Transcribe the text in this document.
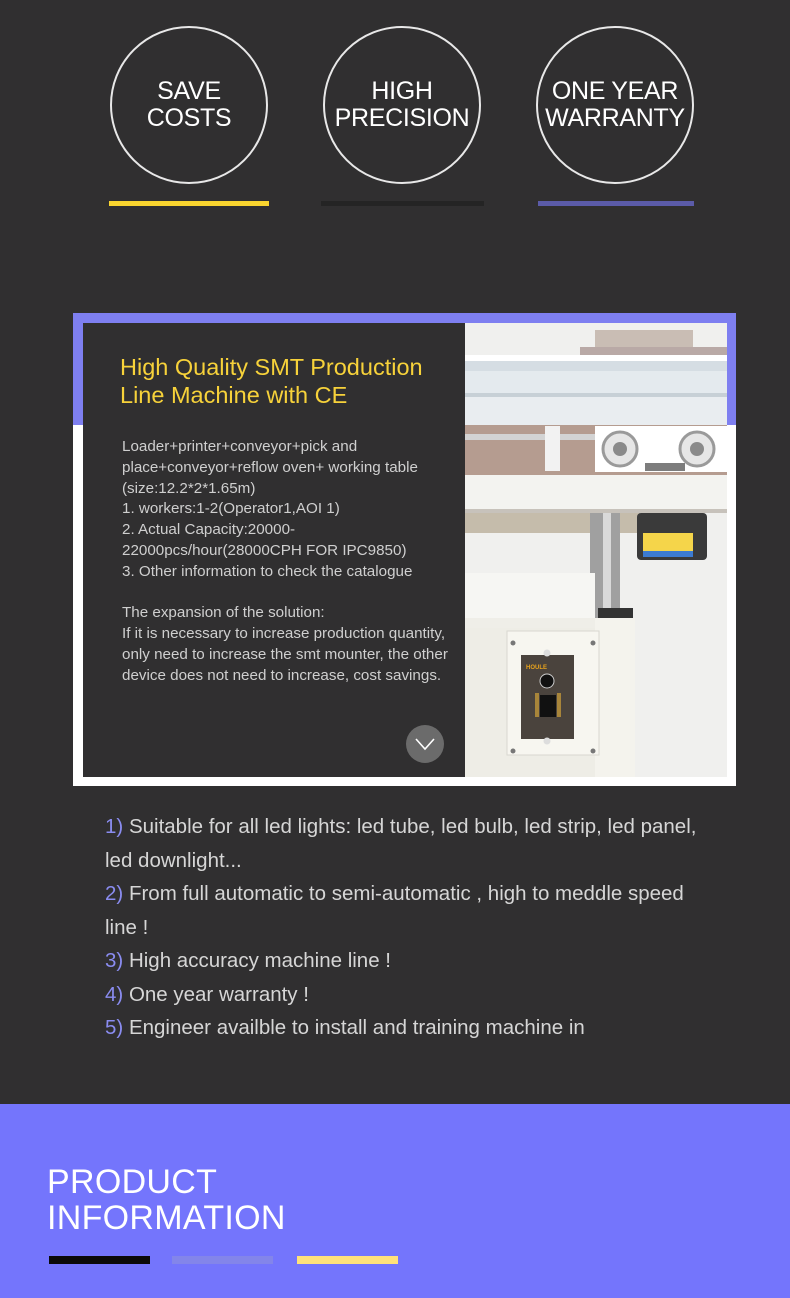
SAVE
COSTS
HIGH
PRECISION
ONE YEAR
WARRANTY
High Quality SMT Production Line Machine with CE

Loader+printer+conveyor+pick and place+conveyor+reflow oven+ working table (size:12.2*2*1.65m)

1. workers:1-2(Operator1,AOI 1)

2. Actual Capacity:20000-22000pcs/hour(28000CPH FOR IPC9850)

3. Other information to check the catalogue

The expansion of the solution:

If it is necessary to increase production quantity, only need to increase the smt mounter, the other device does not need to increase, cost savings.	HOULE

1) Suitable for all led lights: led tube, led bulb, led strip, led panel, led downlight...

2) From full automatic to semi-automatic , high to meddle speed line !

3) High accuracy machine line !

4) One year warranty !

5) Engineer availble to install and training machine in

PRODUCT
INFORMATION
